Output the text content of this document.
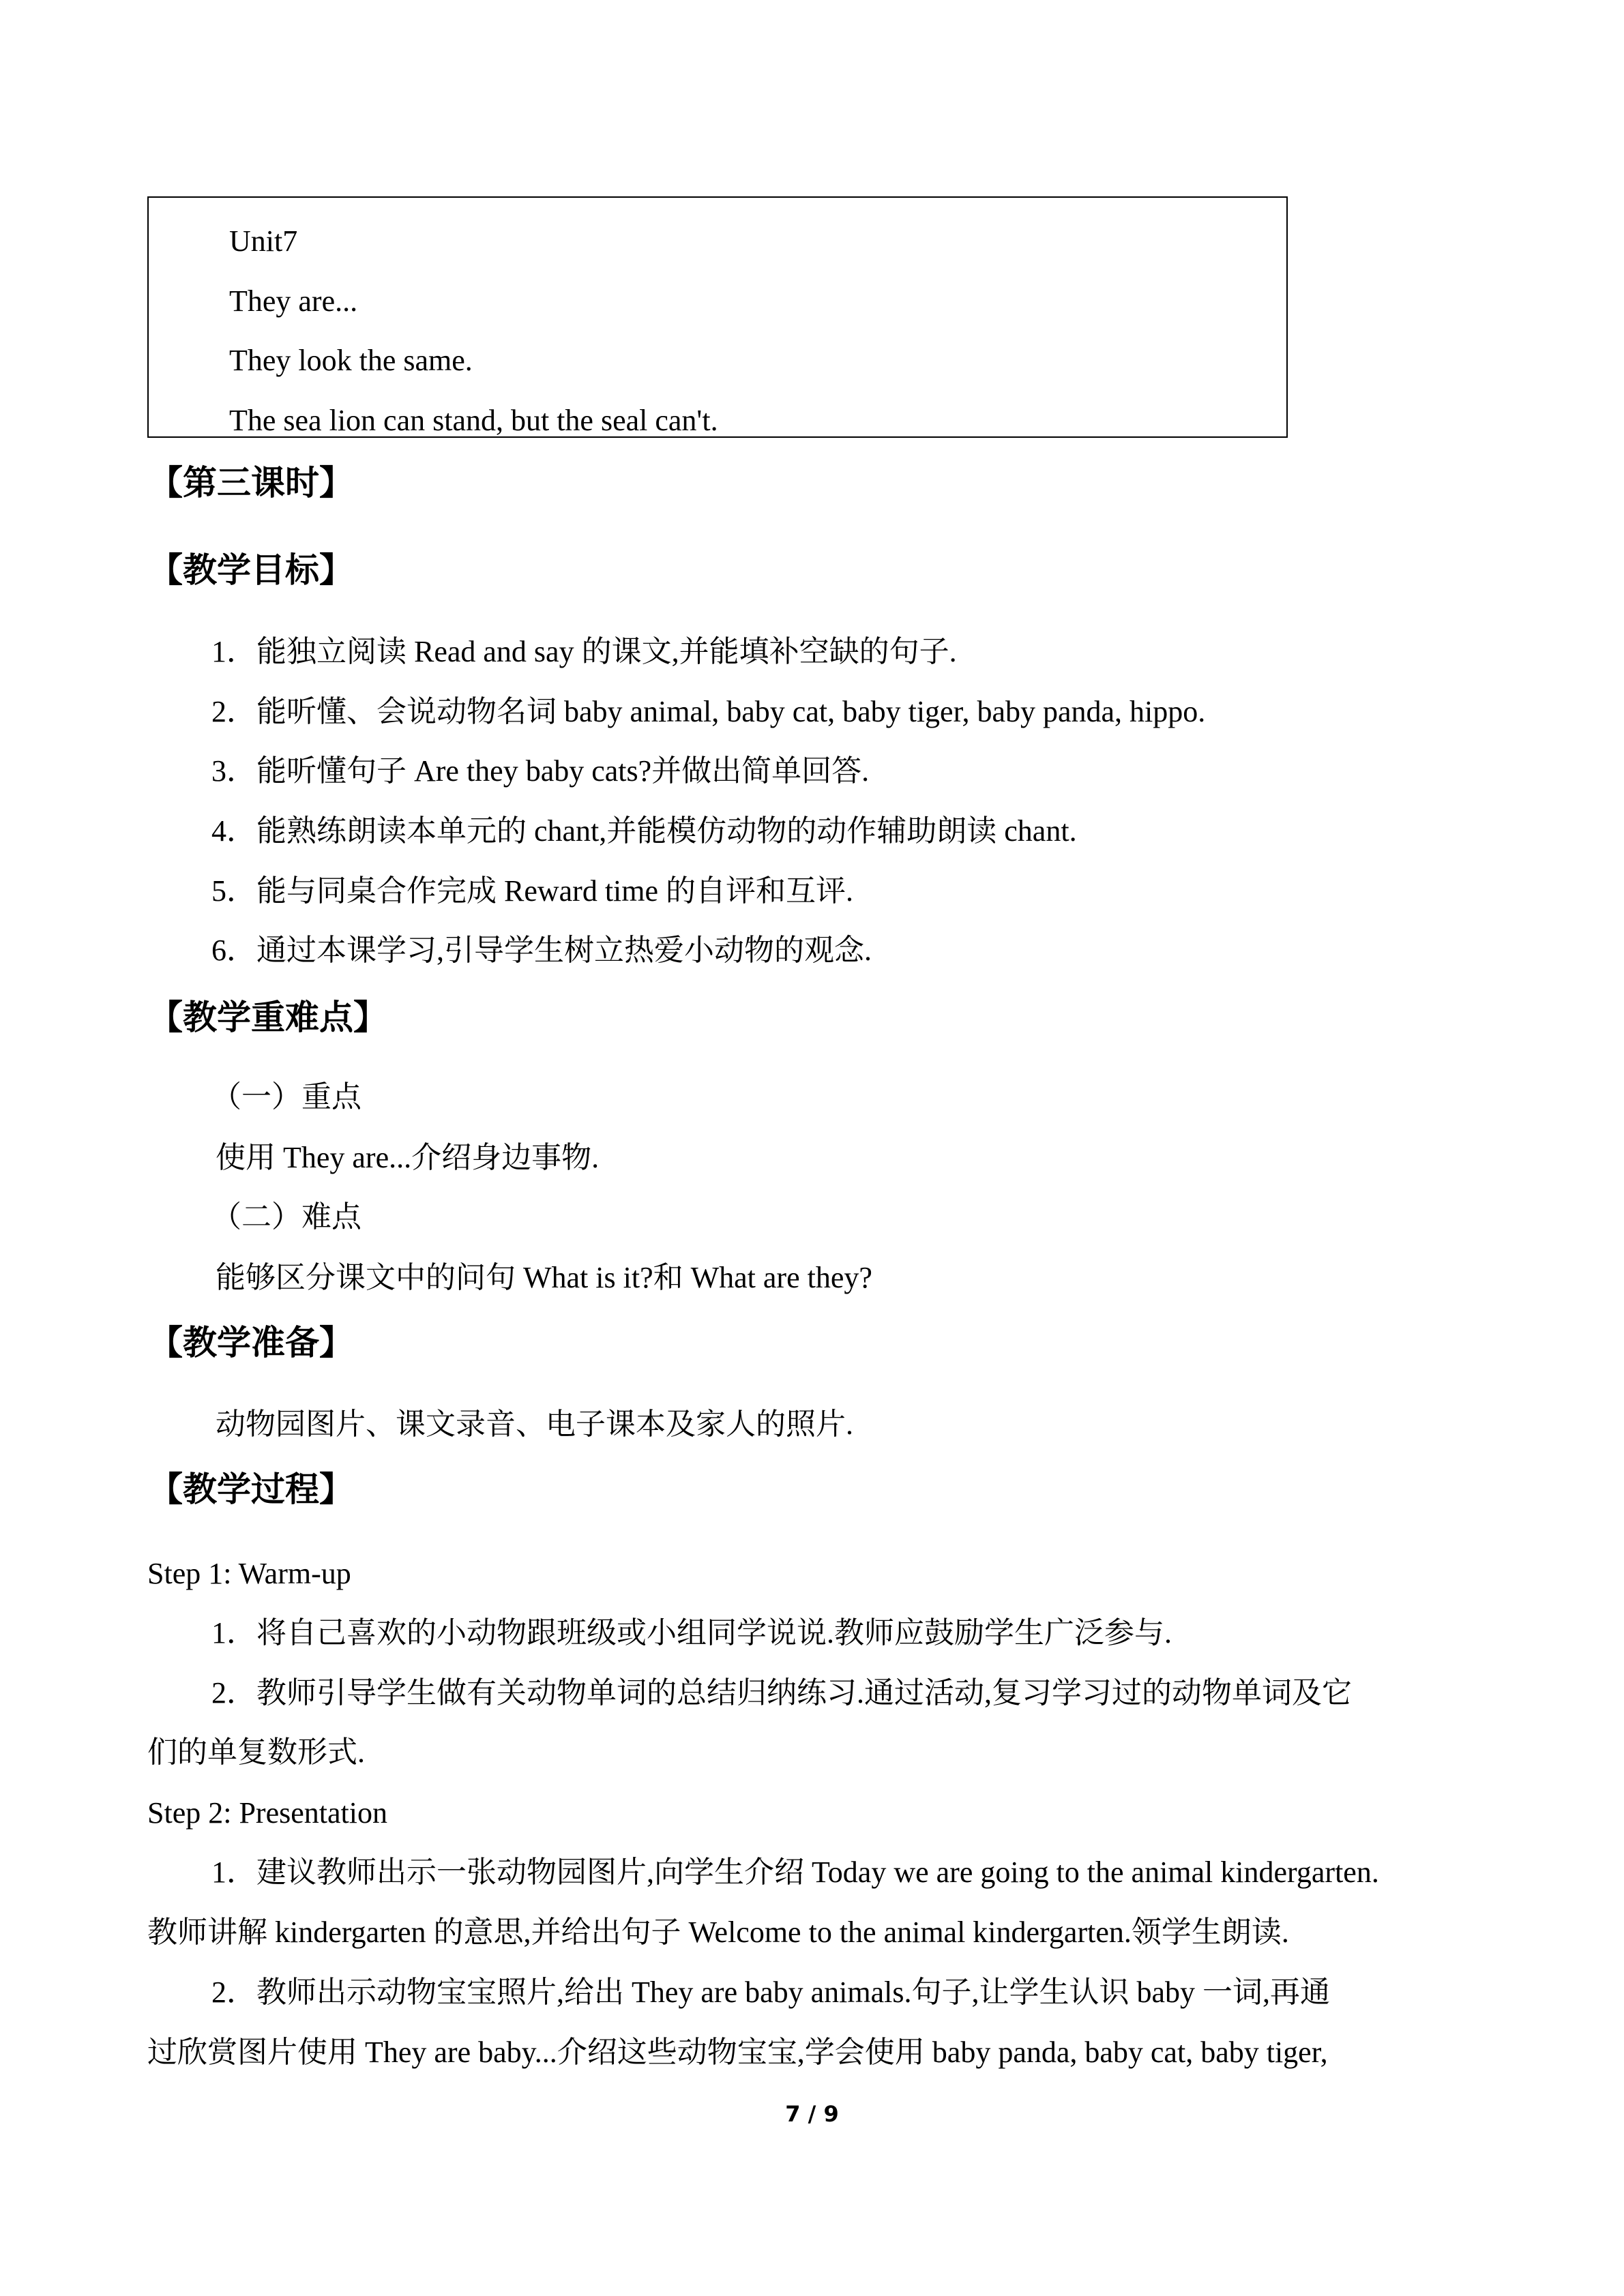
Unit7
They are...
They look the same.
The sea lion can stand, but the seal can't.
【第三课时】
【教学目标】
1．能独立阅读 Read and say 的课文,并能填补空缺的句子.
2．能听懂、会说动物名词 baby animal, baby cat, baby tiger, baby panda, hippo.
3．能听懂句子 Are they baby cats?并做出简单回答.
4．能熟练朗读本单元的 chant,并能模仿动物的动作辅助朗读 chant.
5．能与同桌合作完成 Reward time 的自评和互评.
6．通过本课学习,引导学生树立热爱小动物的观念.
【教学重难点】
（一）重点
使用 They are...介绍身边事物.
（二）难点
能够区分课文中的问句 What is it?和 What are they?
【教学准备】
动物园图片、课文录音、电子课本及家人的照片.
【教学过程】
Step 1: Warm-up
1．将自己喜欢的小动物跟班级或小组同学说说.教师应鼓励学生广泛参与.
2．教师引导学生做有关动物单词的总结归纳练习.通过活动,复习学习过的动物单词及它
们的单复数形式.
Step 2: Presentation
1．建议教师出示一张动物园图片,向学生介绍 Today we are going to the animal kindergarten.
教师讲解 kindergarten 的意思,并给出句子 Welcome to the animal kindergarten.领学生朗读.
2．教师出示动物宝宝照片,给出 They are baby animals.句子,让学生认识 baby 一词,再通
过欣赏图片使用 They are baby...介绍这些动物宝宝,学会使用 baby panda, baby cat, baby tiger,
7 / 9
